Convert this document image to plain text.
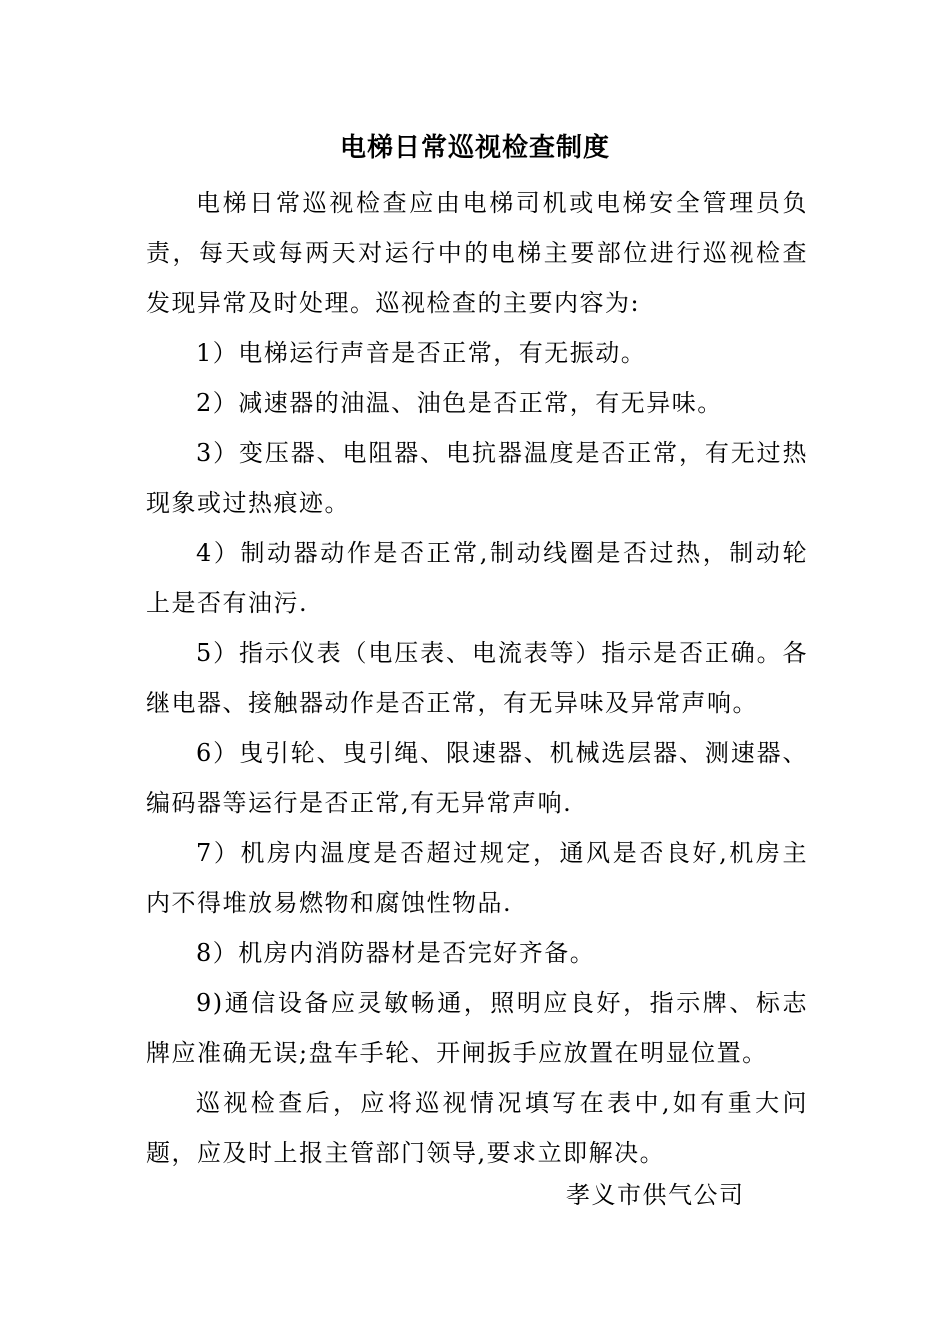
电梯日常巡视检查制度

电梯日常巡视检查应由电梯司机或电梯安全管理员负责，每天或每两天对运行中的电梯主要部位进行巡视检查发现异常及时处理。巡视检查的主要内容为:

1）电梯运行声音是否正常，有无振动。

2）减速器的油温、油色是否正常，有无异味。

3）变压器、电阻器、电抗器温度是否正常，有无过热现象或过热痕迹。

4）制动器动作是否正常,制动线圈是否过热，制动轮上是否有油污.

5）指示仪表（电压表、电流表等）指示是否正确。各继电器、接触器动作是否正常，有无异味及异常声响。

6）曳引轮、曳引绳、限速器、机械选层器、测速器、编码器等运行是否正常,有无异常声响.

7）机房内温度是否超过规定，通风是否良好,机房主内不得堆放易燃物和腐蚀性物品.

8）机房内消防器材是否完好齐备。

9)通信设备应灵敏畅通，照明应良好，指示牌、标志牌应准确无误;盘车手轮、开闸扳手应放置在明显位置。

巡视检查后，应将巡视情况填写在表中,如有重大问题，应及时上报主管部门领导,要求立即解决。

孝义市供气公司
